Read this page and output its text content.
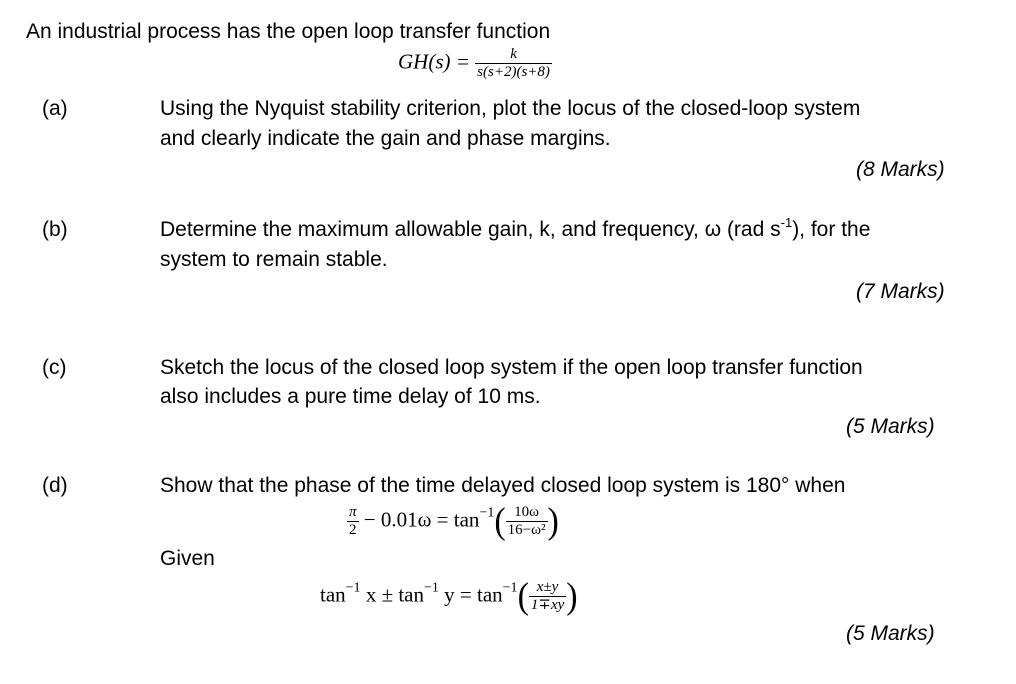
An industrial process has the open loop transfer function
$GH(s) = \frac{k}{s(s+2)(s+8)}$
(a)	Using the Nyquist stability criterion, plot the locus of the closed-loop system
and clearly indicate the gain and phase margins.
(8 Marks)
(b)	Determine the maximum allowable gain, k, and frequency, ω (rad $s^{-1}$), for the
system to remain stable.
(7 Marks)
(c)	Sketch the locus of the closed loop system if the open loop transfer function
also includes a pure time delay of 10 ms.
(5 Marks)
(d)	Show that the phase of the time delayed closed loop system is 180° when
$\frac{\pi}{2} - 0.01\omega = \tan^{-1}( \frac{10\omega}{\text{16−ω²}}$ )
Given
$\tan^{-1} x \pm \tan^{-1} y = \tan^{-1}( \frac{x\pm y}{1\mp xy}$ )
(5 Marks)
